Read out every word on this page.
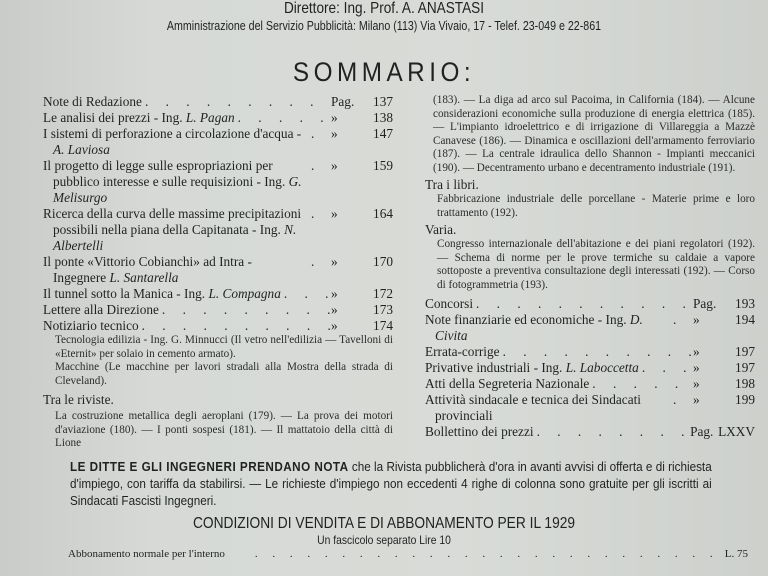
Direttore: Ing. Prof. A. ANASTASI
Amministrazione del Servizio Pubblicità: Milano (113) Via Vivaio, 17 - Telef. 23-049 e 22-861
SOMMARIO:
Note di Redazione
. . .	Pag.	137
Le analisi dei prezzi - Ing. L. Pagan
. . .	»	138
I sistemi di perforazione a circolazione d'acqua - A. Laviosa
. . .
»	147
Il progetto di legge sulle espropriazioni per pubblico interesse e sulle requisizioni - Ing. G. Melisurgo
. . .
»	159
Ricerca della curva delle massime precipitazioni possibili nella piana della Capitanata - Ing. N. Albertelli
. . .
»	164
Il ponte «Vittorio Cobianchi» ad Intra - Ingegnere L. Santarella
. . .
»	170
Il tunnel sotto la Manica - Ing. L. Compagna
. . .	»	172
Lettere alla Direzione
. . .	»	173
Notiziario tecnico
. . .	»	174

Tecnologia edilizia - Ing. G. Minnucci (Il vetro nell'edilizia — Tavelloni di «Eternit» per solaio in cemento armato).

Macchine (Le macchine per lavori stradali alla Mostra della strada di Cleveland).

Tra le riviste.
La costruzione metallica degli aeroplani (179). — La prova dei motori d'aviazione (180). — I ponti sospesi (181). — Il mattatoio della città di Lione
(183). — La diga ad arco sul Pacoima, in California (184). — Alcune considerazioni economiche sulla produzione di energia elettrica (185). — L'impianto idroelettrico e di irrigazione di Villareggia a Mazzè Canavese (186). — Dinamica e oscillazioni dell'armamento ferroviario (187). — La centrale idraulica dello Shannon - Impianti meccanici (190). — Decentramento urbano e decentramento industriale (191).
Tra i libri.
Fabbricazione industriale delle porcellane - Materie prime e loro trattamento (192).
Varia.
Congresso internazionale dell'abitazione e dei piani regolatori (192). — Schema di norme per le prove termiche su caldaie a vapore sottoposte a preventiva consultazione degli interessati (192). — Corso di fotogrammetria (193).
Concorsi
. . .	Pag.	193
Note finanziarie ed economiche - Ing. D. Civita
. . .
»	194
Errata-corrige
. . .	»	197
Privative industriali - Ing. L. Laboccetta
. . .	»	197
Atti della Segreteria Nazionale
. . .	»	198
Attività sindacale e tecnica dei Sindacati provinciali
. . .
»	199
Bollettino dei prezzi
. . .	Pag. LXXV
LE DITTE E GLI INGEGNERI PRENDANO NOTA che la Rivista pubblicherà d'ora in avanti avvisi di offerta e di richiesta d'impiego, con tariffa da stabilirsi. — Le richieste d'impiego non eccedenti 4 righe di colonna sono gratuite per gli iscritti ai Sindacati Fascisti Ingegneri.
CONDIZIONI DI VENDITA E DI ABBONAMENTO PER IL 1929
Un fascicolo separato Lire 10
Abbonamento normale per l'interno
. . .	L. 75
